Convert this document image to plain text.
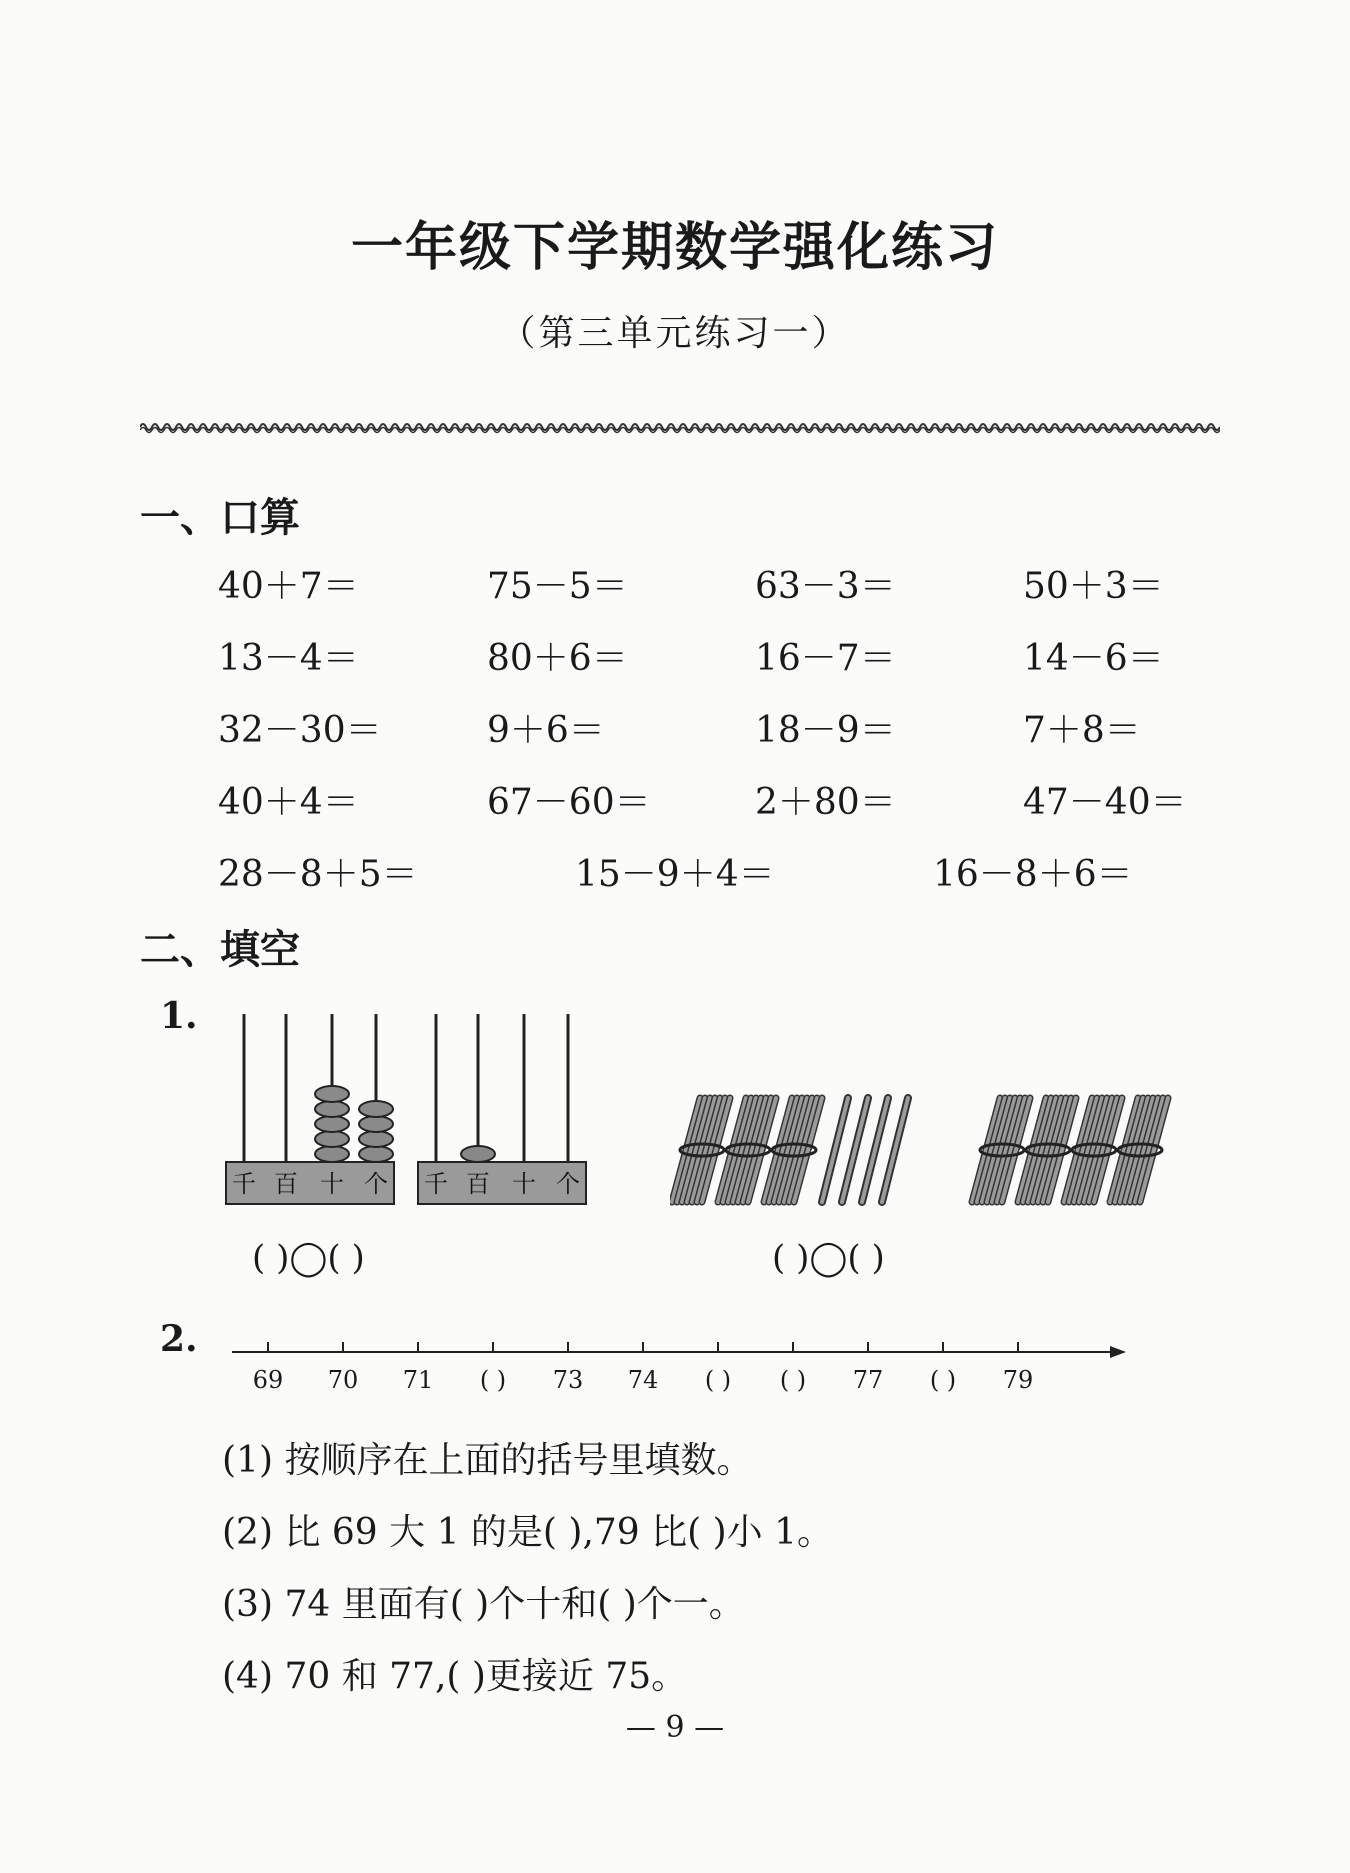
一年级下学期数学强化练习
（第三单元练习一）
一、口算
40＋7＝	75－5＝	63－3＝	50＋3＝
13－4＝	80＋6＝	16－7＝	14－6＝
32－30＝	9＋6＝	18－9＝	7＋8＝
40＋4＝	67－60＝	2＋80＝	47－40＝
28－8＋5＝	15－9＋4＝	16－8＋6＝
二、填空
1.
千 百 十 个 千 百 十 个
( )◯( )	( )◯( )
2.
69	70	71	( )	73	74	( )	( )	77	( )	79
(1) 按顺序在上面的括号里填数。
(2) 比 69 大 1 的是( ),79 比( )小 1。
(3) 74 里面有( )个十和( )个一。
(4) 70 和 77,( )更接近 75。
— 9 —
